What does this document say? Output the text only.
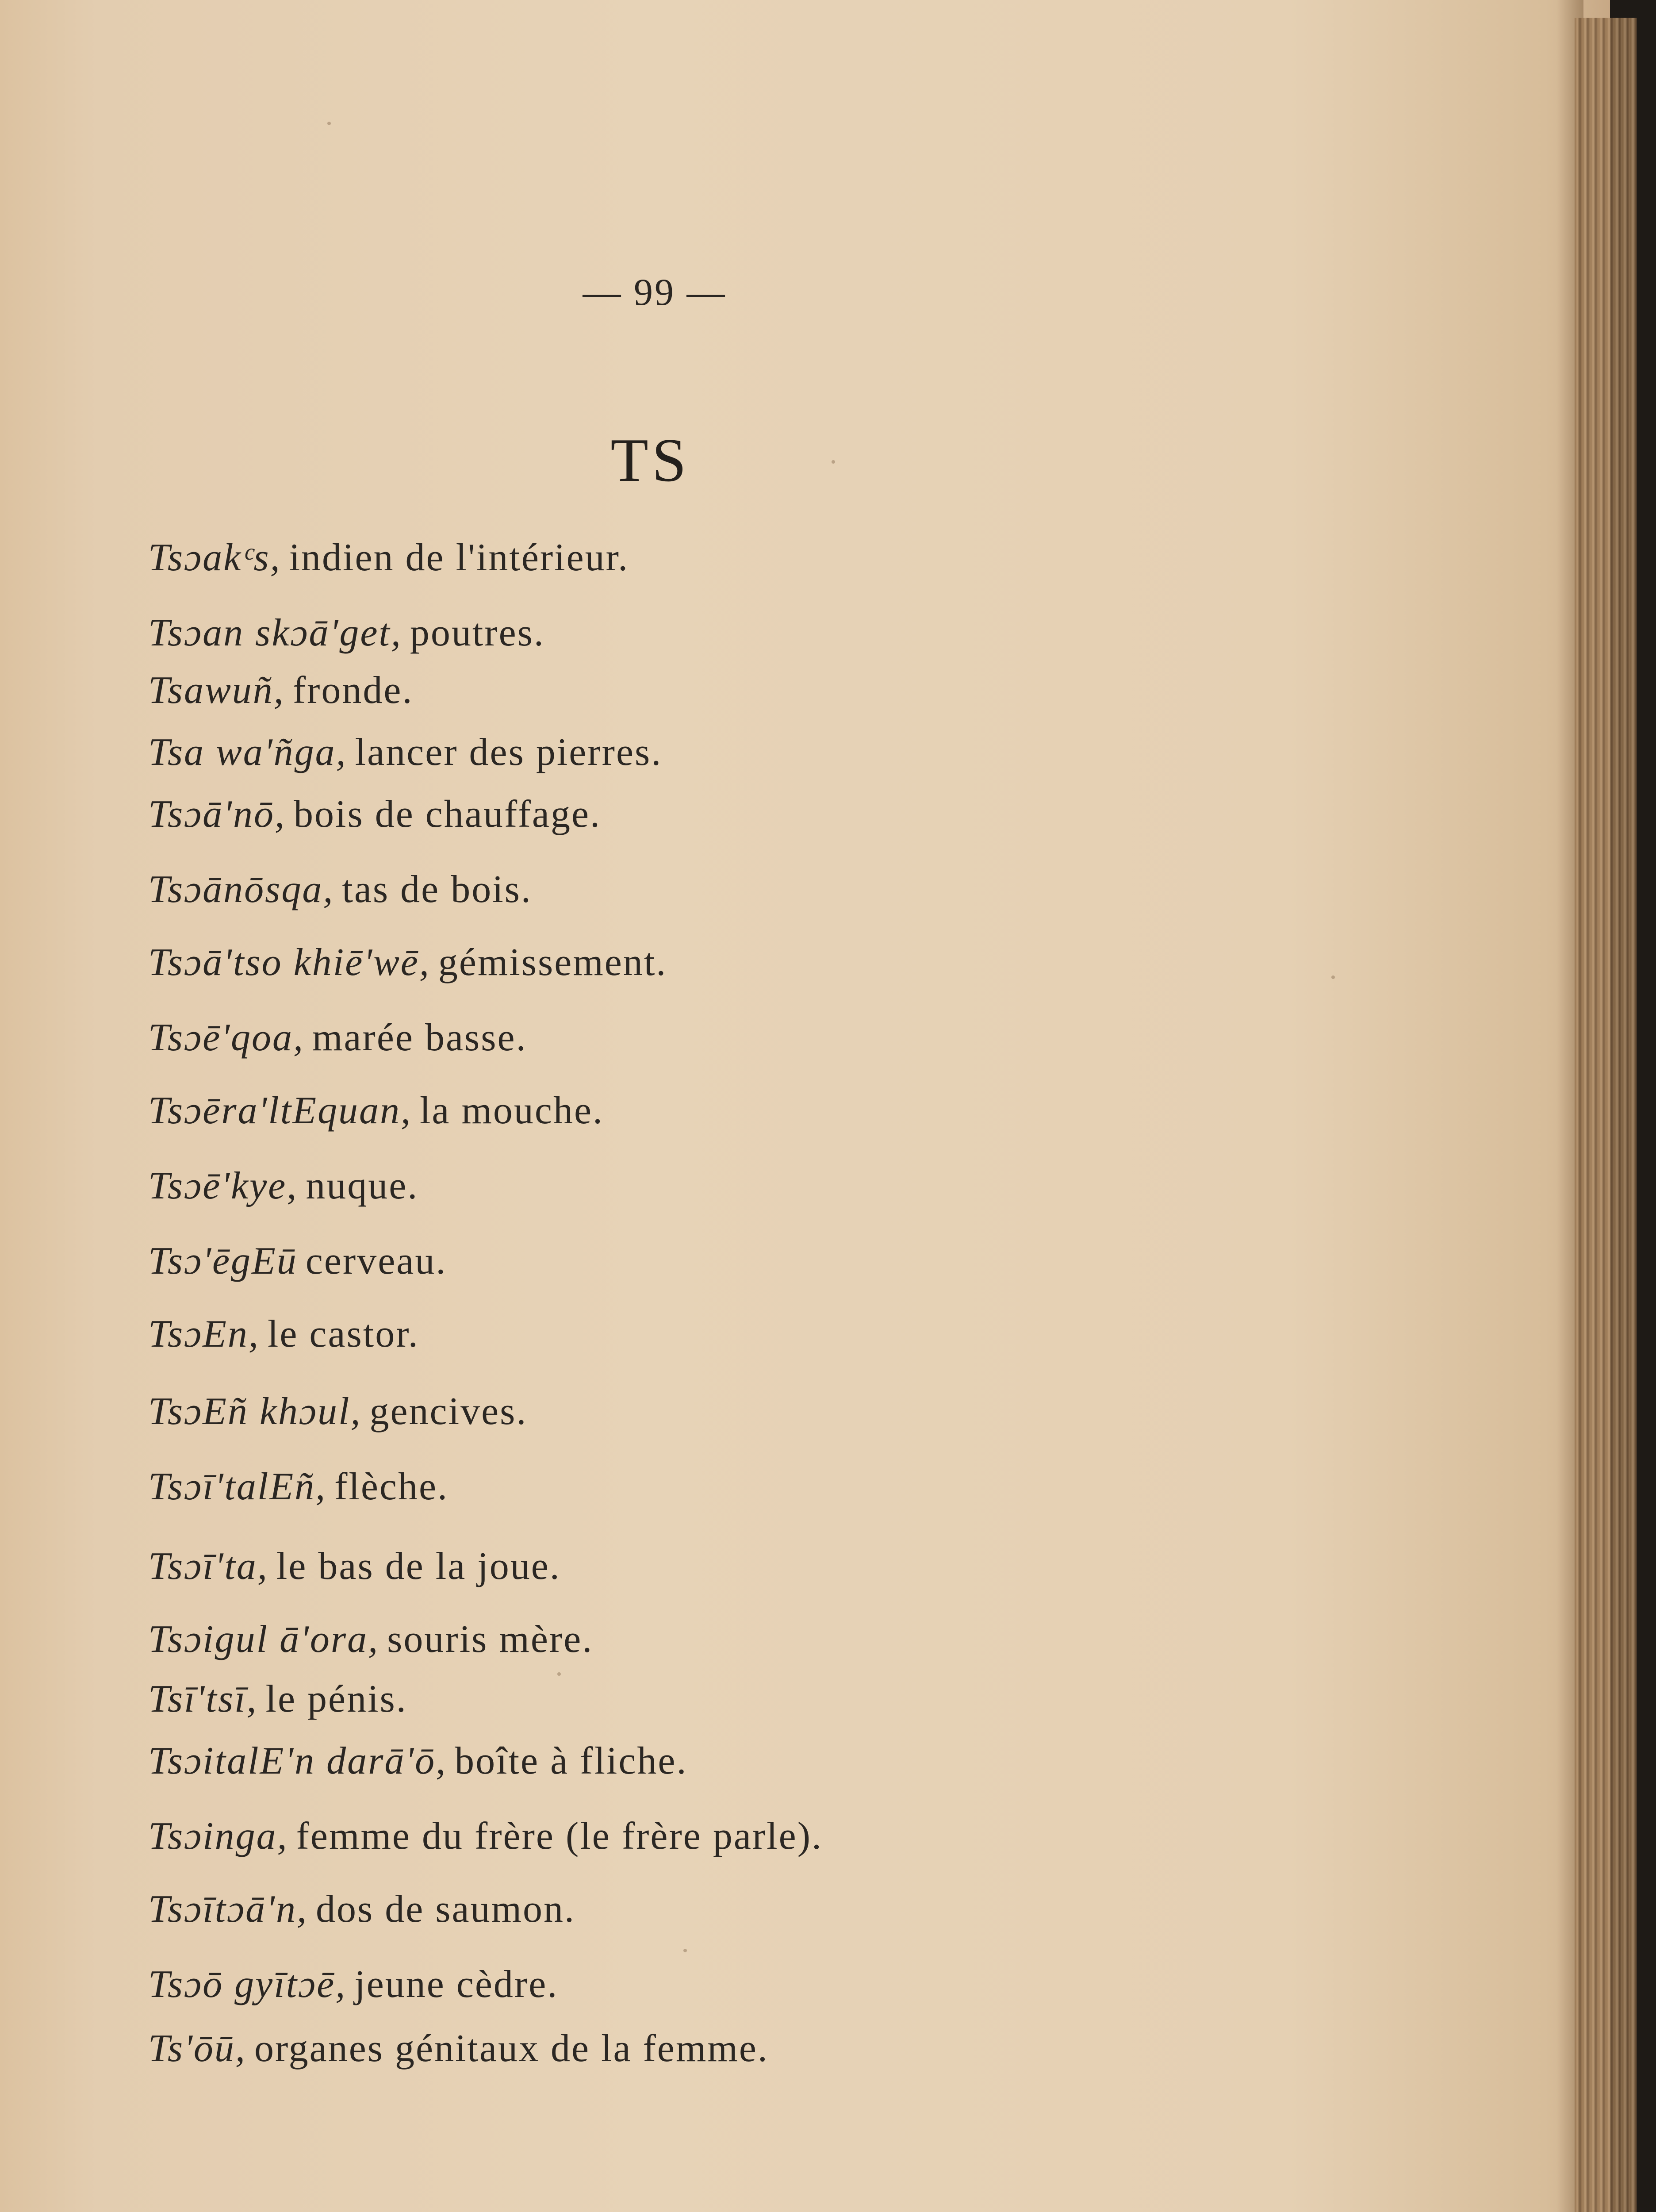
— 99 —
TS
Tsɔakᶜs, indien de l'intérieur.
Tsɔan skɔā'get, poutres.
Tsawuñ, fronde.
Tsa wa'ñga, lancer des pierres.
Tsɔā'nō, bois de chauffage.
Tsɔānōsqa, tas de bois.
Tsɔā'tso khiē'wē, gémissement.
Tsɔē'qoa, marée basse.
Tsɔēra'ltEquan, la mouche.
Tsɔē'kye, nuque.
Tsɔ'ēgEū cerveau.
TsɔEn, le castor.
TsɔEñ khɔul, gencives.
Tsɔī'talEñ, flèche.
Tsɔī'ta, le bas de la joue.
Tsɔigul ā'ora, souris mère.
Tsī'tsī, le pénis.
TsɔitalE'n darā'ō, boîte à fliche.
Tsɔinga, femme du frère (le frère parle).
Tsɔītɔā'n, dos de saumon.
Tsɔō gyītɔē, jeune cèdre.
Ts'ōū, organes génitaux de la femme.
